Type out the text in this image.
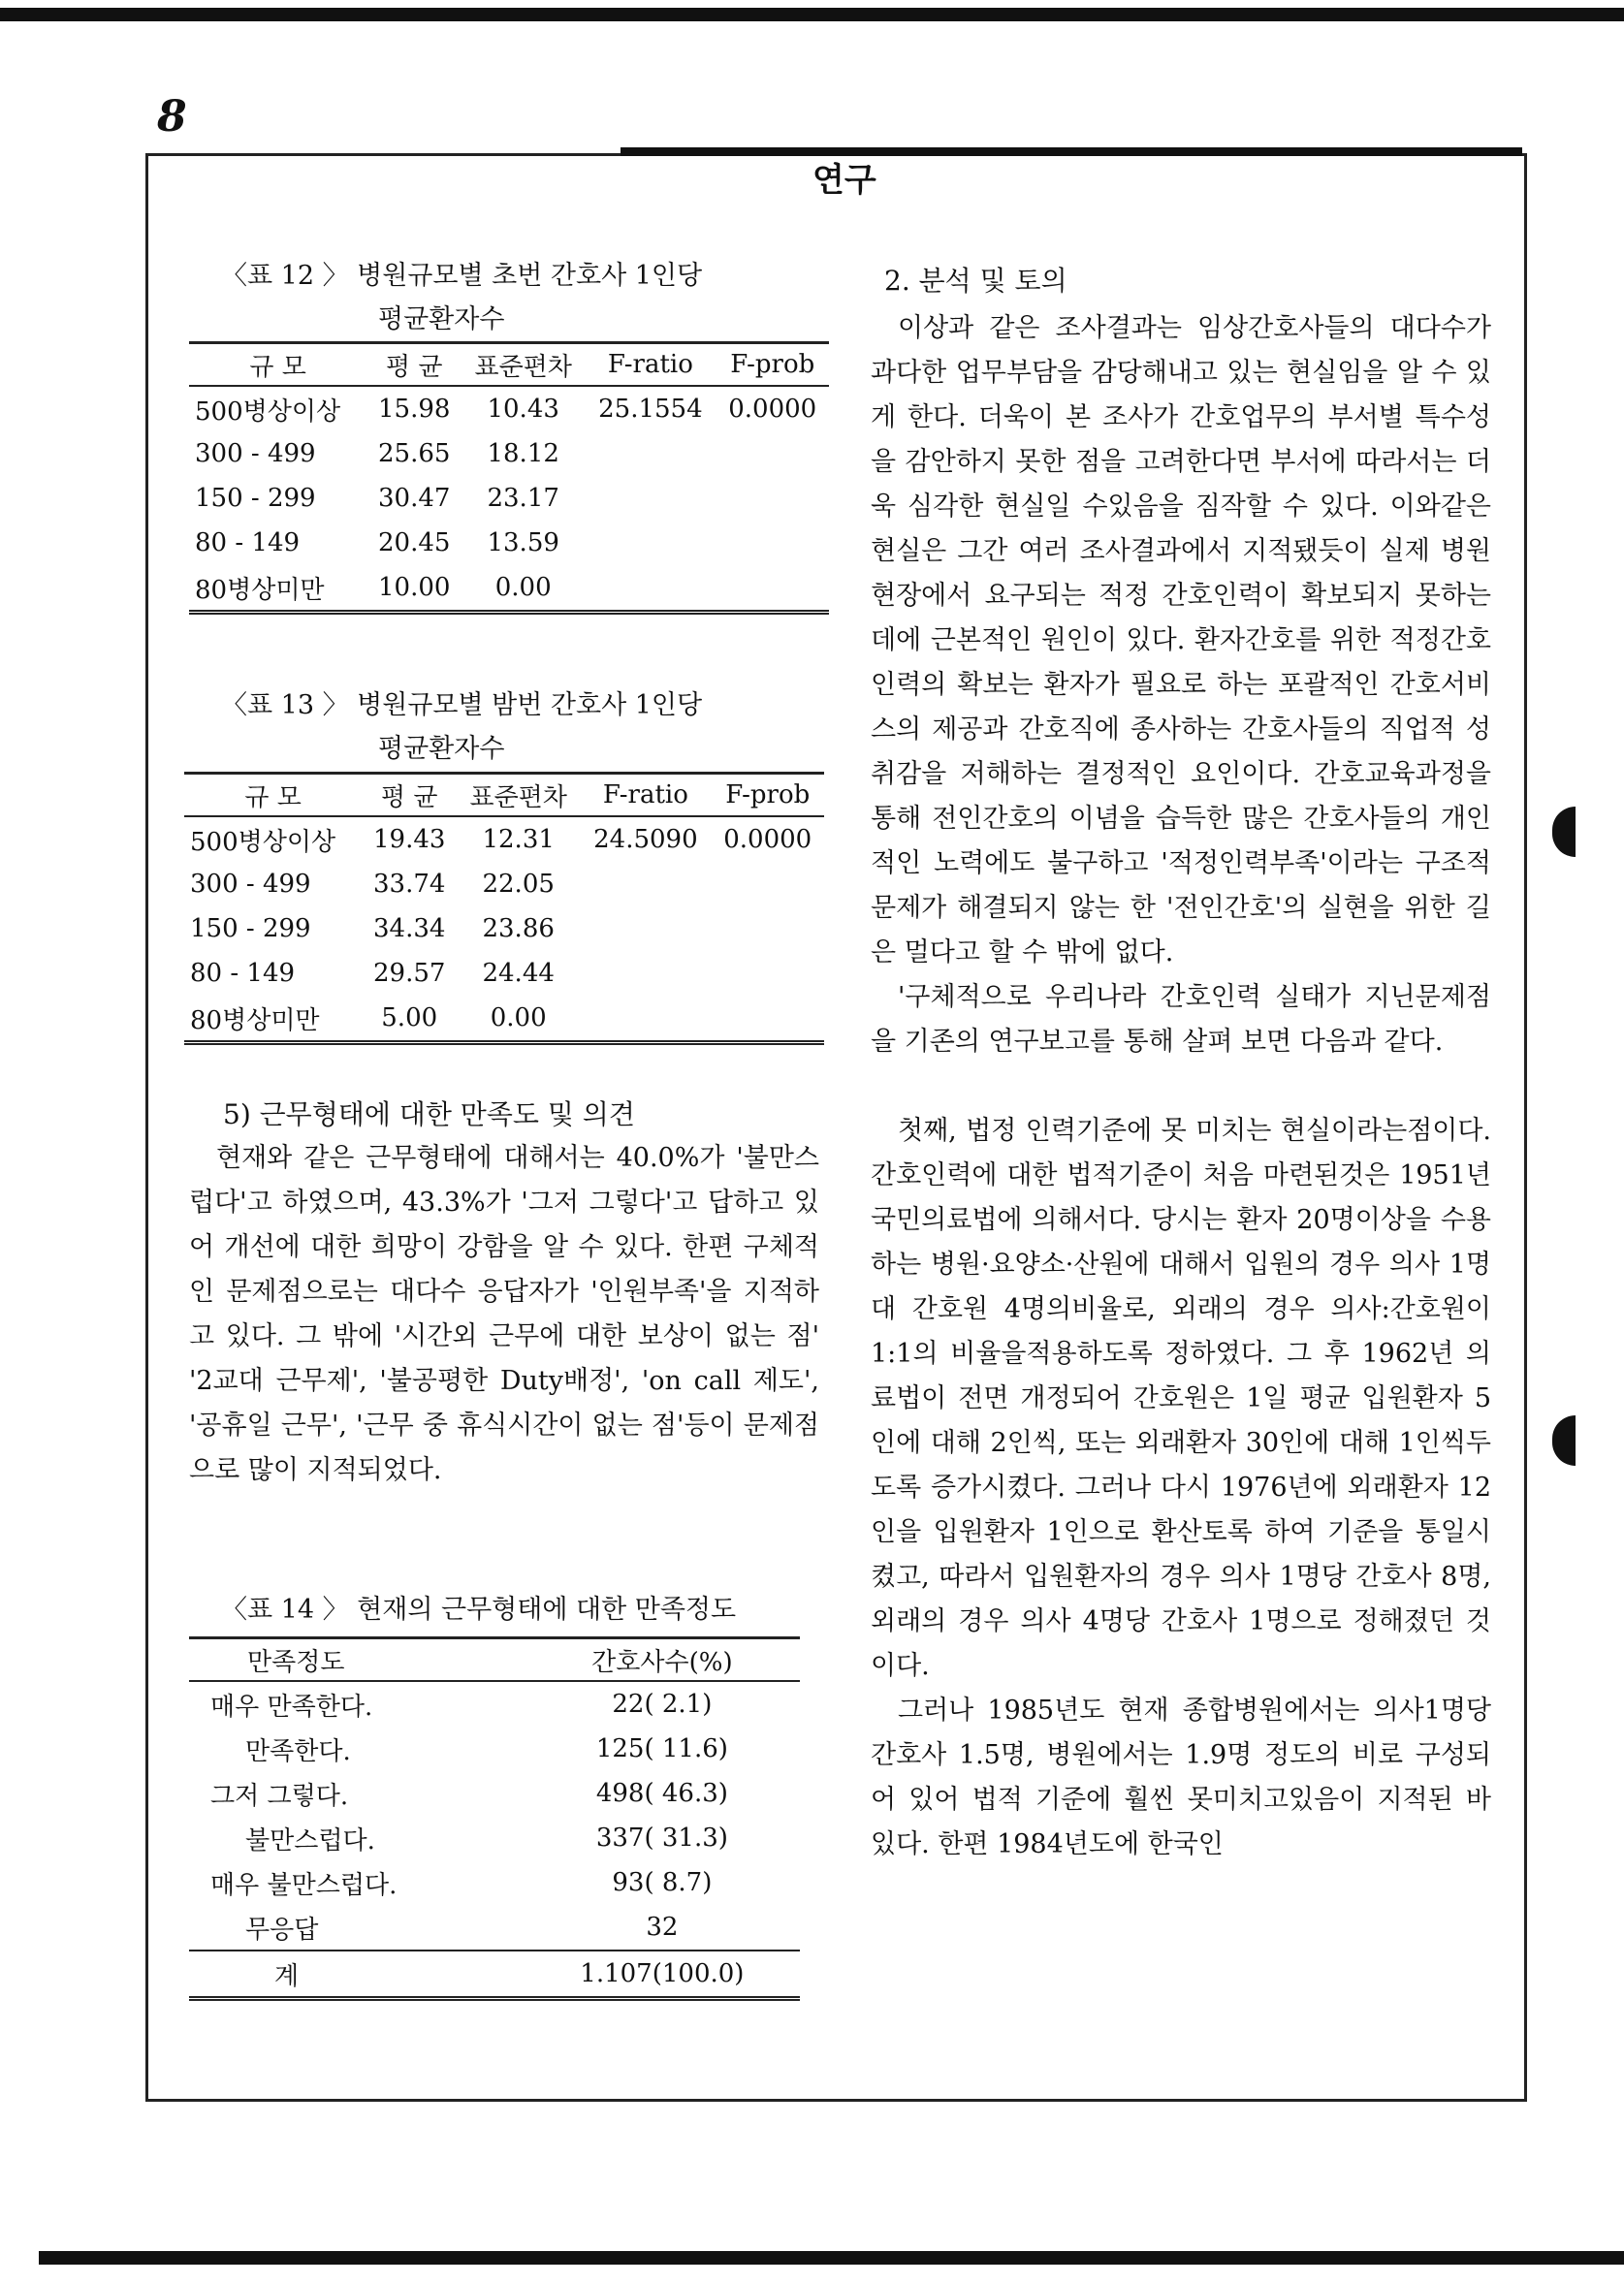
8
연구
〈표 12 〉 병원규모별 초번 간호사 1인당
평균환자수
규 모	평 균	표준편차	F-ratio	F-prob
500병상이상	15.98	10.43	25.1554	0.0000
300 - 499	25.65	18.12		
150 - 299	30.47	23.17		
80 - 149	20.45	13.59		
80병상미만	10.00	0.00		
〈표 13 〉 병원규모별 밤번 간호사 1인당
평균환자수
규 모	평 균	표준편차	F-ratio	F-prob
500병상이상	19.43	12.31	24.5090	0.0000
300 - 499	33.74	22.05		
150 - 299	34.34	23.86		
80 - 149	29.57	24.44		
80병상미만	5.00	0.00		
5) 근무형태에 대한 만족도 및 의견

현재와 같은 근무형태에 대해서는 40.0%가 '불만스럽다'고 하였으며, 43.3%가 '그저 그렇다'고 답하고 있어 개선에 대한 희망이 강함을 알 수 있다. 한편 구체적인 문제점으로는 대다수 응답자가 '인원부족'을 지적하고 있다. 그 밖에 '시간외 근무에 대한 보상이 없는 점' '2교대 근무제', '불공평한 Duty배정', 'on call 제도', '공휴일 근무', '근무 중 휴식시간이 없는 점'등이 문제점으로 많이 지적되었다.

〈표 14 〉 현재의 근무형태에 대한 만족정도
만족정도	간호사수(%)
매우 만족한다.	22( 2.1)
만족한다.	125( 11.6)
그저 그렇다.	498( 46.3)
불만스럽다.	337( 31.3)
매우 불만스럽다.	93( 8.7)
무응답	32
계	1.107(100.0)
2. 분석 및 토의

이상과 같은 조사결과는 임상간호사들의 대다수가 과다한 업무부담을 감당해내고 있는 현실임을 알 수 있게 한다. 더욱이 본 조사가 간호업무의 부서별 특수성을 감안하지 못한 점을 고려한다면 부서에 따라서는 더욱 심각한 현실일 수있음을 짐작할 수 있다. 이와같은 현실은 그간 여러 조사결과에서 지적됐듯이 실제 병원 현장에서 요구되는 적정 간호인력이 확보되지 못하는 데에 근본적인 원인이 있다. 환자간호를 위한 적정간호인력의 확보는 환자가 필요로 하는 포괄적인 간호서비스의 제공과 간호직에 종사하는 간호사들의 직업적 성취감을 저해하는 결정적인 요인이다. 간호교육과정을 통해 전인간호의 이념을 습득한 많은 간호사들의 개인적인 노력에도 불구하고 '적정인력부족'이라는 구조적 문제가 해결되지 않는 한 '전인간호'의 실현을 위한 길은 멀다고 할 수 밖에 없다.

'구체적으로 우리나라 간호인력 실태가 지닌문제점을 기존의 연구보고를 통해 살펴 보면 다음과 같다.

첫째, 법정 인력기준에 못 미치는 현실이라는점이다. 간호인력에 대한 법적기준이 처음 마련된것은 1951년 국민의료법에 의해서다. 당시는 환자 20명이상을 수용하는 병원·요양소·산원에 대해서 입원의 경우 의사 1명대 간호원 4명의비율로, 외래의 경우 의사:간호원이 1:1의 비율을적용하도록 정하였다. 그 후 1962년 의료법이 전면 개정되어 간호원은 1일 평균 입원환자 5인에 대해 2인씩, 또는 외래환자 30인에 대해 1인씩두도록 증가시켰다. 그러나 다시 1976년에 외래환자 12인을 입원환자 1인으로 환산토록 하여 기준을 통일시켰고, 따라서 입원환자의 경우 의사 1명당 간호사 8명, 외래의 경우 의사 4명당 간호사 1명으로 정해졌던 것이다.

그러나 1985년도 현재 종합병원에서는 의사1명당 간호사 1.5명, 병원에서는 1.9명 정도의 비로 구성되어 있어 법적 기준에 훨씬 못미치고있음이 지적된 바 있다. 한편 1984년도에 한국인
